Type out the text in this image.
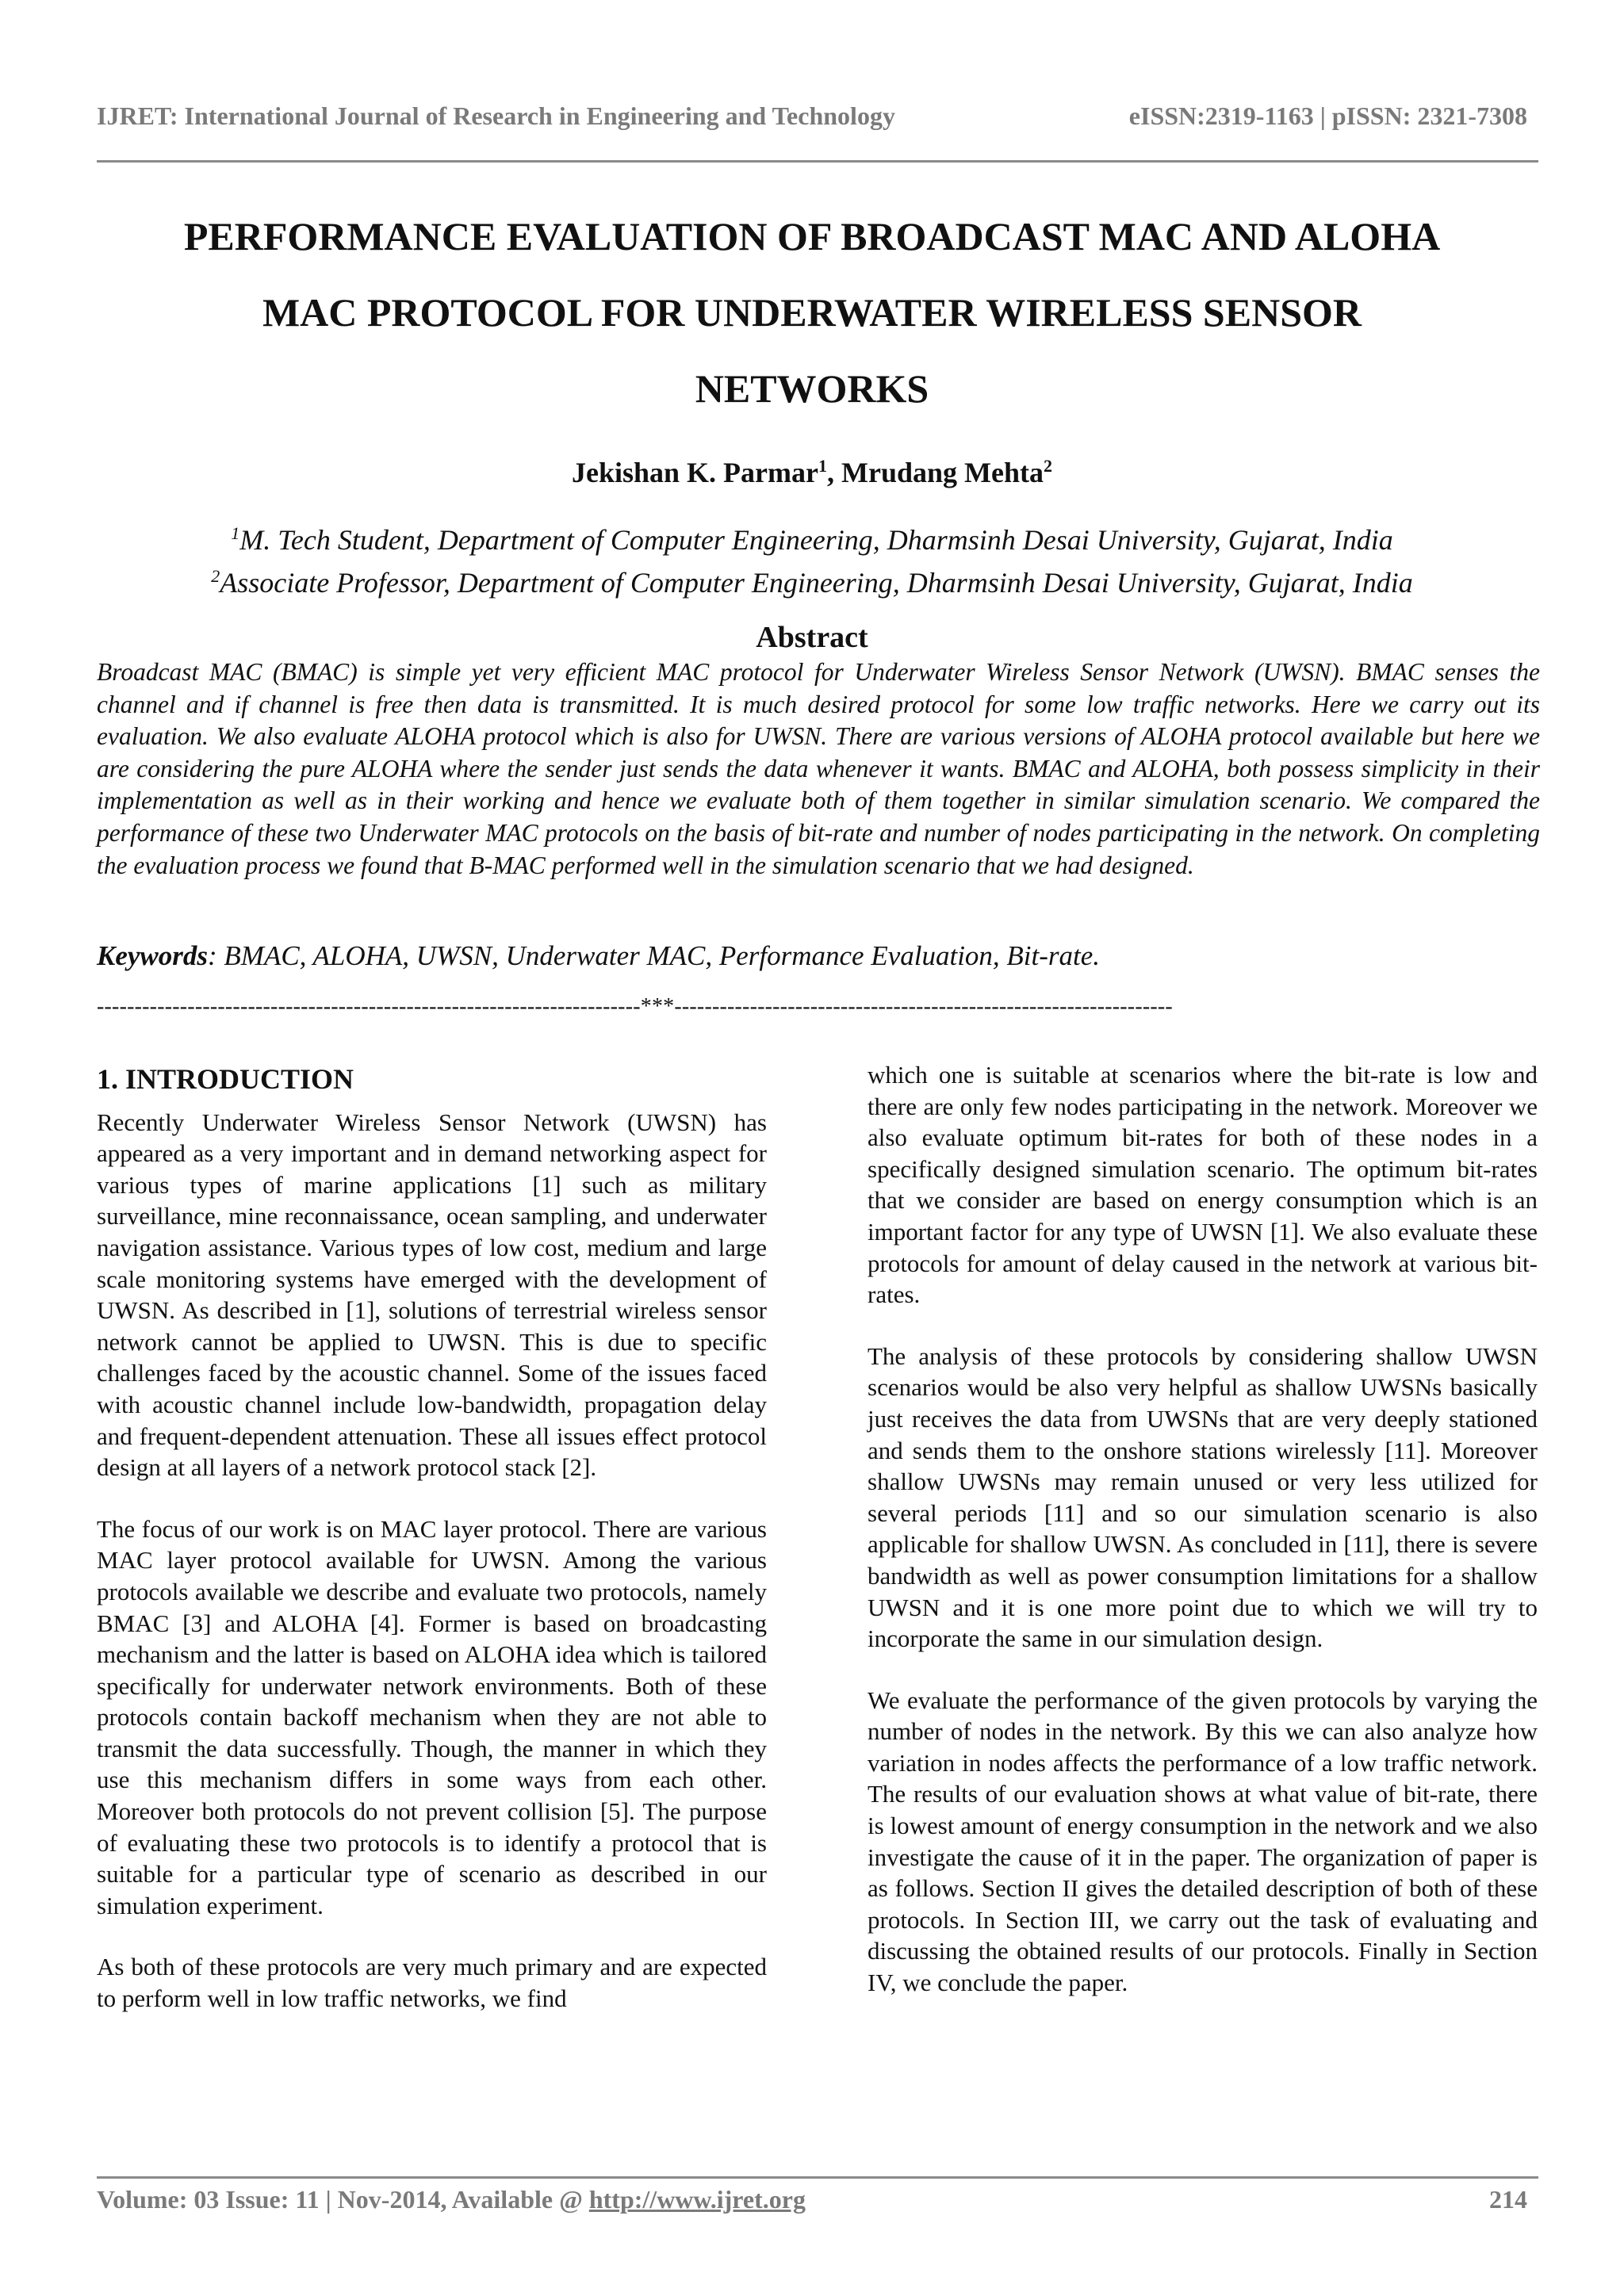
IJRET: International Journal of Research in Engineering and Technology	eISSN:2319-1163 | pISSN: 2321-7308
PERFORMANCE EVALUATION OF BROADCAST MAC AND ALOHA
MAC PROTOCOL FOR UNDERWATER WIRELESS SENSOR
NETWORKS
Jekishan K. Parmar$^1$, Mrudang Mehta$^2$
$^1$M. Tech Student, Department of Computer Engineering, Dharmsinh Desai University, Gujarat, India
$^2$Associate Professor, Department of Computer Engineering, Dharmsinh Desai University, Gujarat, India
Abstract
Broadcast MAC (BMAC) is simple yet very efficient MAC protocol for Underwater Wireless Sensor Network (UWSN). BMAC senses the channel and if channel is free then data is transmitted. It is much desired protocol for some low traffic networks. Here we carry out its evaluation. We also evaluate ALOHA protocol which is also for UWSN. There are various versions of ALOHA protocol available but here we are considering the pure ALOHA where the sender just sends the data whenever it wants. BMAC and ALOHA, both possess simplicity in their implementation as well as in their working and hence we evaluate both of them together in similar simulation scenario. We compared the performance of these two Underwater MAC protocols on the basis of bit-rate and number of nodes participating in the network. On completing the evaluation process we found that B-MAC performed well in the simulation scenario that we had designed.
Keywords: BMAC, ALOHA, UWSN, Underwater MAC, Performance Evaluation, Bit-rate.
------------------------------------------------------------------------***------------------------------------------------------------------
1. INTRODUCTION

Recently Underwater Wireless Sensor Network (UWSN) has appeared as a very important and in demand networking aspect for various types of marine applications [1] such as military surveillance, mine reconnaissance, ocean sampling, and underwater navigation assistance. Various types of low cost, medium and large scale monitoring systems have emerged with the development of UWSN. As described in [1], solutions of terrestrial wireless sensor network cannot be applied to UWSN. This is due to specific challenges faced by the acoustic channel. Some of the issues faced with acoustic channel include low-bandwidth, propagation delay and frequent-dependent attenuation. These all issues effect protocol design at all layers of a network protocol stack [2].

The focus of our work is on MAC layer protocol. There are various MAC layer protocol available for UWSN. Among the various protocols available we describe and evaluate two protocols, namely BMAC [3] and ALOHA [4]. Former is based on broadcasting mechanism and the latter is based on ALOHA idea which is tailored specifically for underwater network environments. Both of these protocols contain backoff mechanism when they are not able to transmit the data successfully. Though, the manner in which they use this mechanism differs in some ways from each other. Moreover both protocols do not prevent collision [5]. The purpose of evaluating these two protocols is to identify a protocol that is suitable for a particular type of scenario as described in our simulation experiment.

As both of these protocols are very much primary and are expected to perform well in low traffic networks, we find

which one is suitable at scenarios where the bit-rate is low and there are only few nodes participating in the network. Moreover we also evaluate optimum bit-rates for both of these nodes in a specifically designed simulation scenario. The optimum bit-rates that we consider are based on energy consumption which is an important factor for any type of UWSN [1]. We also evaluate these protocols for amount of delay caused in the network at various bit-rates.

The analysis of these protocols by considering shallow UWSN scenarios would be also very helpful as shallow UWSNs basically just receives the data from UWSNs that are very deeply stationed and sends them to the onshore stations wirelessly [11]. Moreover shallow UWSNs may remain unused or very less utilized for several periods [11] and so our simulation scenario is also applicable for shallow UWSN. As concluded in [11], there is severe bandwidth as well as power consumption limitations for a shallow UWSN and it is one more point due to which we will try to incorporate the same in our simulation design.

We evaluate the performance of the given protocols by varying the number of nodes in the network. By this we can also analyze how variation in nodes affects the performance of a low traffic network. The results of our evaluation shows at what value of bit-rate, there is lowest amount of energy consumption in the network and we also investigate the cause of it in the paper. The organization of paper is as follows. Section II gives the detailed description of both of these protocols. In Section III, we carry out the task of evaluating and discussing the obtained results of our protocols. Finally in Section IV, we conclude the paper.

Volume: 03 Issue: 11 | Nov-2014, Available @ http://www.ijret.org	214
